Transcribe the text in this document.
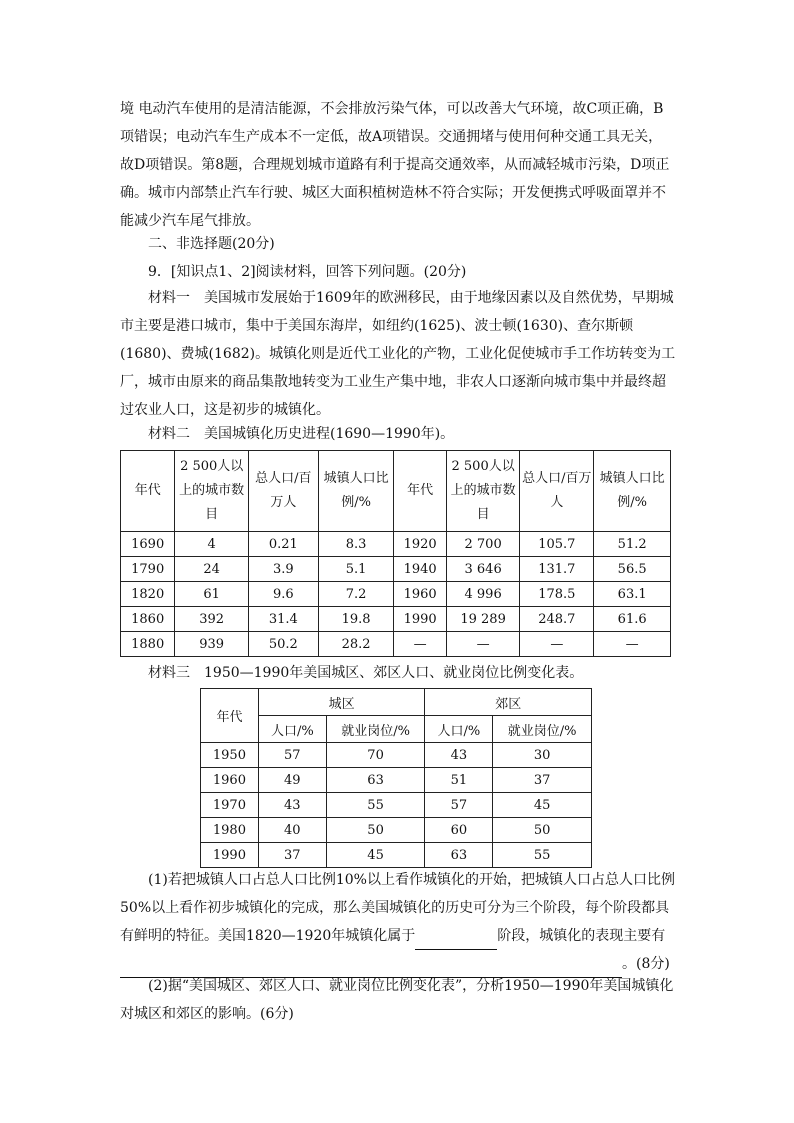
境 电动汽车使用的是清洁能源，不会排放污染气体，可以改善大气环境，故C项正确，B项错误；电动汽车生产成本不一定低，故A项错误。交通拥堵与使用何种交通工具无关，故D项错误。第8题，合理规划城市道路有利于提高交通效率，从而减轻城市污染，D项正确。城市内部禁止汽车行驶、城区大面积植树造林不符合实际；开发便携式呼吸面罩并不能减少汽车尾气排放。

二、非选择题(20分)
9．[知识点1、2]阅读材料，回答下列问题。(20分)

材料一　美国城市发展始于1609年的欧洲移民，由于地缘因素以及自然优势，早期城市主要是港口城市，集中于美国东海岸，如纽约(1625)、波士顿(1630)、查尔斯顿(1680)、费城(1682)。城镇化则是近代工业化的产物，工业化促使城市手工作坊转变为工厂，城市由原来的商品集散地转变为工业生产集中地，非农人口逐渐向城市集中并最终超过农业人口，这是初步的城镇化。

材料二　美国城镇化历史进程(1690—1990年)。
年代	2 500人以上的城市数目	总人口/百万人	城镇人口比例/%	年代	2 500人以上的城市数目	总人口/百万人	城镇人口比例/%
1690	4	0.21	8.3	1920	2 700	105.7	51.2
1790	24	3.9	5.1	1940	3 646	131.7	56.5
1820	61	9.6	7.2	1960	4 996	178.5	63.1
1860	392	31.4	19.8	1990	19 289	248.7	61.6
1880	939	50.2	28.2	—	—	—	—
材料三　1950—1990年美国城区、郊区人口、就业岗位比例变化表。
年代	城区		郊区	
	人口/%	就业岗位/%	人口/%	就业岗位/%
1950	57	70	43	30
1960	49	63	51	37
1970	43	55	57	45
1980	40	50	60	50
1990	37	45	63	55

(1)若把城镇人口占总人口比例10%以上看作城镇化的开始，把城镇人口占总人口比例50%以上看作初步城镇化的完成，那么美国城镇化的历史可分为三个阶段，每个阶段都具有鲜明的特征。美国1820—1920年城镇化属于	阶段，城镇化的表现主要有。(8分)

(2)据“美国城区、郊区人口、就业岗位比例变化表”，分析1950—1990年美国城镇化对城区和郊区的影响。(6分)
